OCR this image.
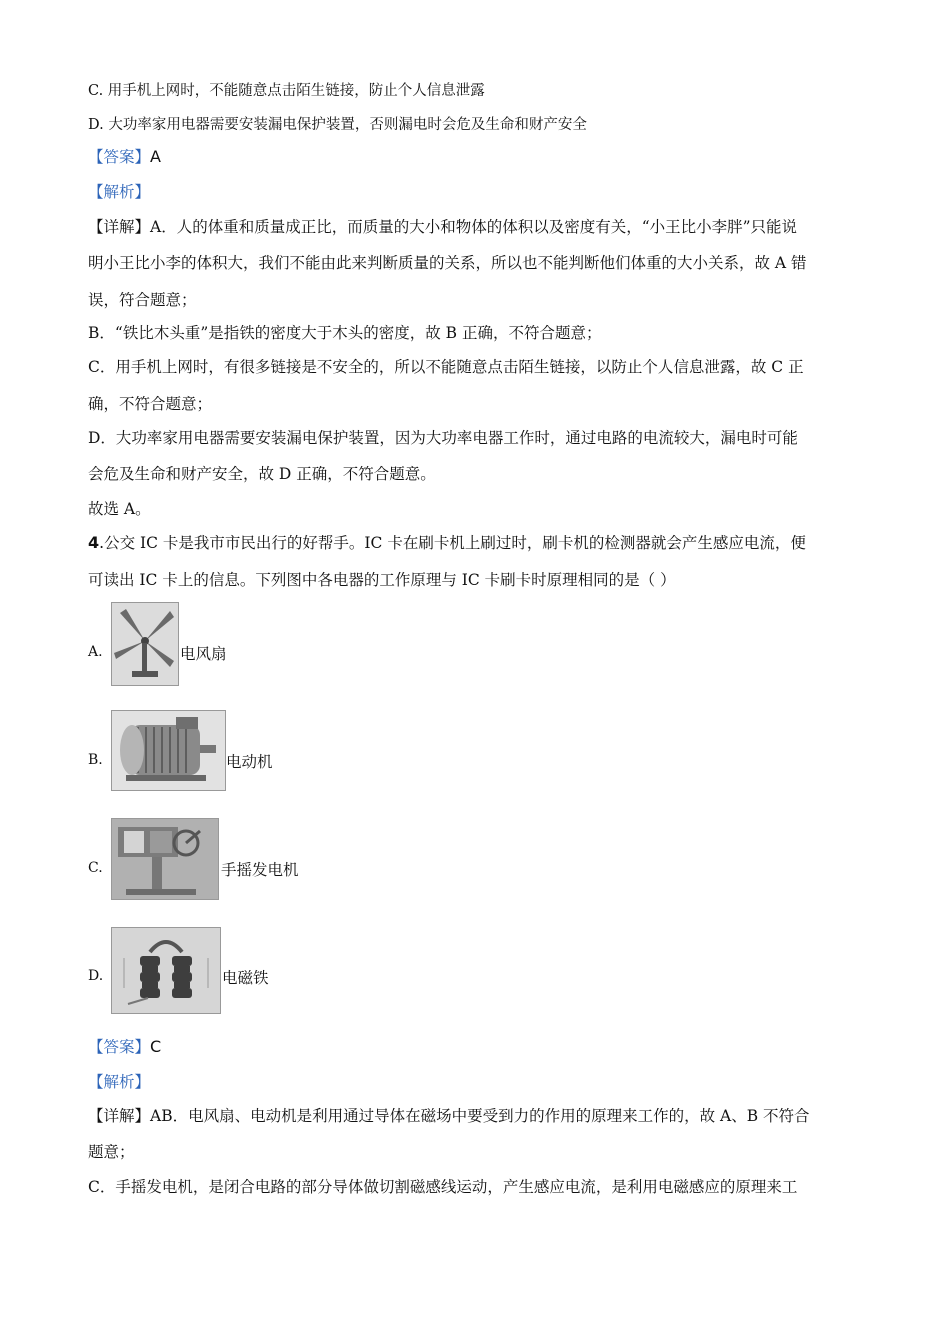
C. 用手机上网时，不能随意点击陌生链接，防止个人信息泄露
D. 大功率家用电器需要安装漏电保护装置，否则漏电时会危及生命和财产安全
【答案】A
【解析】
【详解】A．人的体重和质量成正比，而质量的大小和物体的体积以及密度有关，“小王比小李胖”只能说
明小王比小李的体积大，我们不能由此来判断质量的关系，所以也不能判断他们体重的大小关系，故 A 错
误，符合题意；
B．“铁比木头重”是指铁的密度大于木头的密度，故 B 正确，不符合题意；
C．用手机上网时，有很多链接是不安全的，所以不能随意点击陌生链接，以防止个人信息泄露，故 C 正
确，不符合题意；
D．大功率家用电器需要安装漏电保护装置，因为大功率电器工作时，通过电路的电流较大，漏电时可能
会危及生命和财产安全，故 D 正确，不符合题意。
故选 A。
4.公交 IC 卡是我市市民出行的好帮手。IC 卡在刷卡机上刷过时，刷卡机的检测器就会产生感应电流，便
可读出 IC 卡上的信息。下列图中各电器的工作原理与 IC 卡刷卡时原理相同的是（ ）
A.	电风扇
B.	电动机
C.	手摇发电机
D.	电磁铁
【答案】C
【解析】
【详解】AB．电风扇、电动机是利用通过导体在磁场中要受到力的作用的原理来工作的，故 A、B 不符合
题意；
C．手摇发电机，是闭合电路的部分导体做切割磁感线运动，产生感应电流，是利用电磁感应的原理来工
